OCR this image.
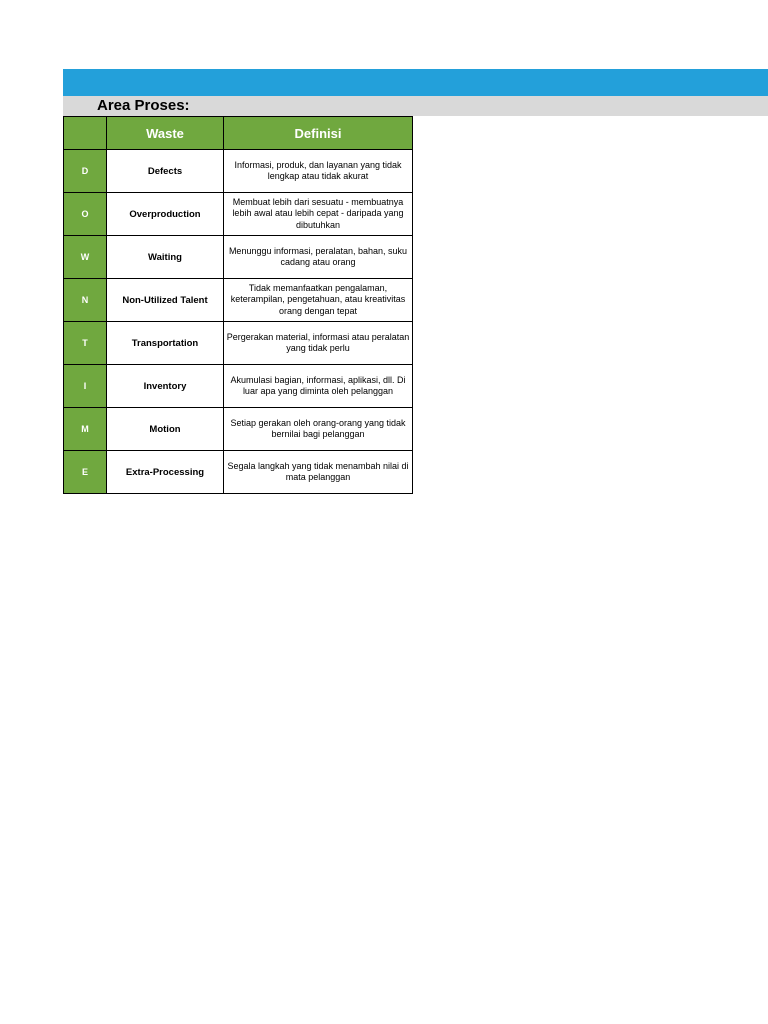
Area Proses:
	Waste	Definisi
D	Defects	Informasi, produk, dan layanan yang tidak lengkap atau tidak akurat
O	Overproduction	Membuat lebih dari sesuatu - membuatnya lebih awal atau lebih cepat - daripada yang dibutuhkan
W	Waiting	Menunggu informasi, peralatan, bahan, suku cadang atau orang
N	Non-Utilized Talent	Tidak memanfaatkan pengalaman, keterampilan, pengetahuan, atau kreativitas orang dengan tepat
T	Transportation	Pergerakan material, informasi atau peralatan yang tidak perlu
I	Inventory	Akumulasi bagian, informasi, aplikasi, dll. Di luar apa yang diminta oleh pelanggan
M	Motion	Setiap gerakan oleh orang-orang yang tidak bernilai bagi pelanggan
E	Extra-Processing	Segala langkah yang tidak menambah nilai di mata pelanggan
